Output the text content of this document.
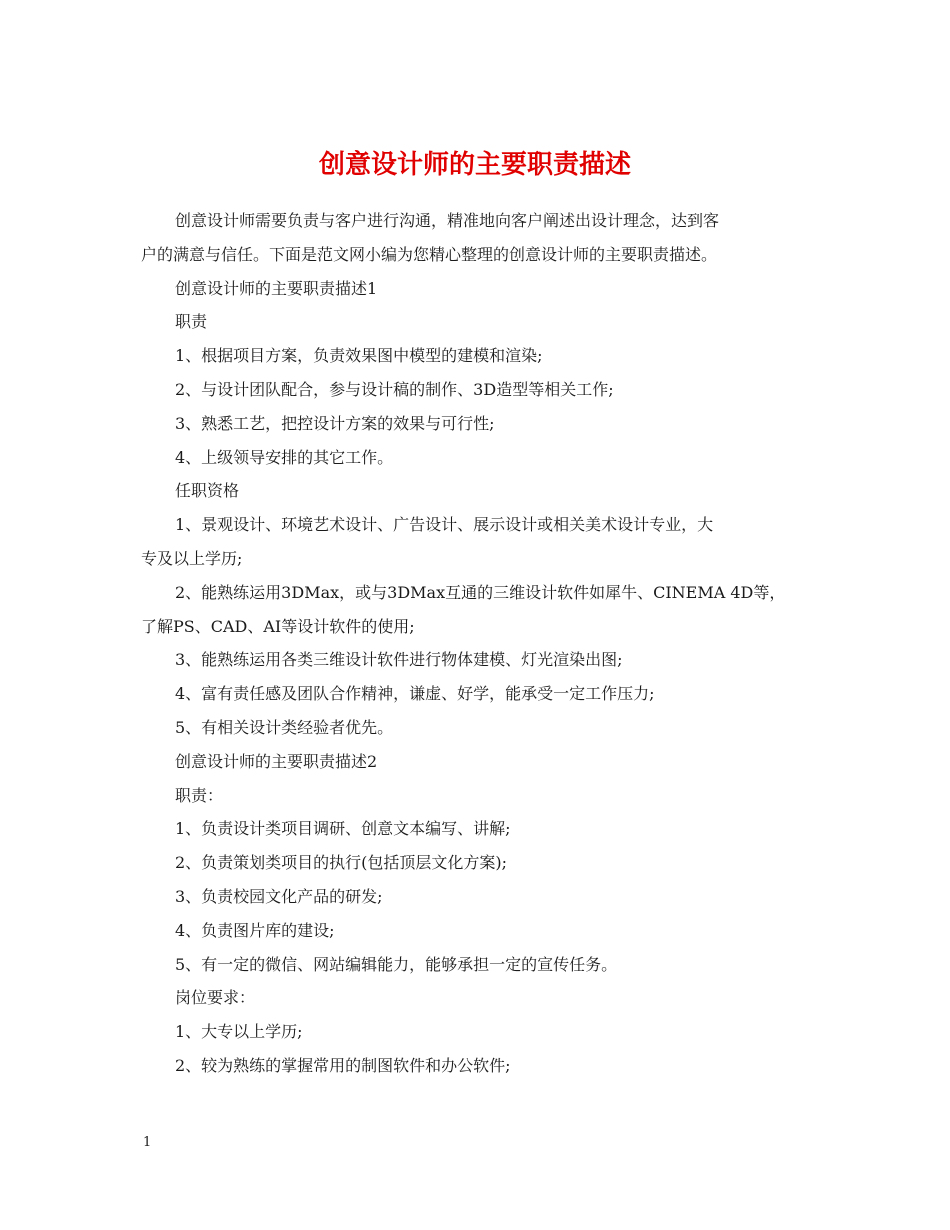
创意设计师的主要职责描述

创意设计师需要负责与客户进行沟通，精准地向客户阐述出设计理念，达到客

户的满意与信任。下面是范文网小编为您精心整理的创意设计师的主要职责描述。

创意设计师的主要职责描述1

职责

1、根据项目方案，负责效果图中模型的建模和渲染;

2、与设计团队配合，参与设计稿的制作、3D造型等相关工作;

3、熟悉工艺，把控设计方案的效果与可行性;

4、上级领导安排的其它工作。

任职资格

1、景观设计、环境艺术设计、广告设计、展示设计或相关美术设计专业，大

专及以上学历;

2、能熟练运用3DMax，或与3DMax互通的三维设计软件如犀牛、CINEMA 4D等，

了解PS、CAD、AI等设计软件的使用;

3、能熟练运用各类三维设计软件进行物体建模、灯光渲染出图;

4、富有责任感及团队合作精神，谦虚、好学，能承受一定工作压力;

5、有相关设计类经验者优先。

创意设计师的主要职责描述2

职责：

1、负责设计类项目调研、创意文本编写、讲解;

2、负责策划类项目的执行(包括顶层文化方案);

3、负责校园文化产品的研发;

4、负责图片库的建设;

5、有一定的微信、网站编辑能力，能够承担一定的宣传任务。

岗位要求：

1、大专以上学历;

2、较为熟练的掌握常用的制图软件和办公软件;

1
